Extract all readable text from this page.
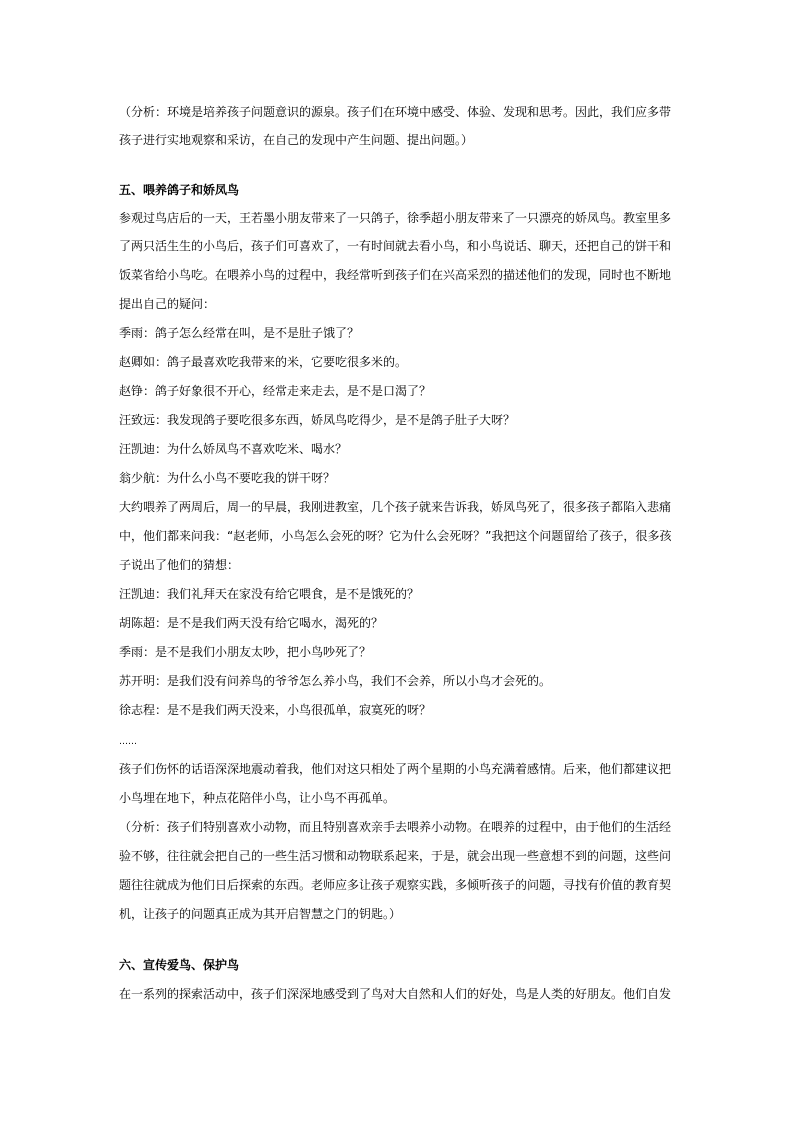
（分析：环境是培养孩子问题意识的源泉。孩子们在环境中感受、体验、发现和思考。因此，我们应多带
孩子进行实地观察和采访，在自己的发现中产生问题、提出问题。）
五、喂养鸽子和娇凤鸟
参观过鸟店后的一天，王若墨小朋友带来了一只鸽子，徐季超小朋友带来了一只漂亮的娇凤鸟。教室里多
了两只活生生的小鸟后，孩子们可喜欢了，一有时间就去看小鸟，和小鸟说话、聊天，还把自己的饼干和
饭菜省给小鸟吃。在喂养小鸟的过程中，我经常听到孩子们在兴高采烈的描述他们的发现，同时也不断地
提出自己的疑问：
季雨：鸽子怎么经常在叫，是不是肚子饿了？
赵卿如：鸽子最喜欢吃我带来的米，它要吃很多米的。
赵铮：鸽子好象很不开心，经常走来走去，是不是口渴了？
汪致远：我发现鸽子要吃很多东西，娇凤鸟吃得少，是不是鸽子肚子大呀？
汪凯迪：为什么娇凤鸟不喜欢吃米、喝水？
翁少航：为什么小鸟不要吃我的饼干呀？
大约喂养了两周后，周一的早晨，我刚进教室，几个孩子就来告诉我，娇凤鸟死了，很多孩子都陷入悲痛
中，他们都来问我：“赵老师，小鸟怎么会死的呀？它为什么会死呀？”我把这个问题留给了孩子，很多孩
子说出了他们的猜想：
汪凯迪：我们礼拜天在家没有给它喂食，是不是饿死的？
胡陈超：是不是我们两天没有给它喝水，渴死的？
季雨：是不是我们小朋友太吵，把小鸟吵死了？
苏开明：是我们没有问养鸟的爷爷怎么养小鸟，我们不会养，所以小鸟才会死的。
徐志程：是不是我们两天没来，小鸟很孤单，寂寞死的呀？
……
孩子们伤怀的话语深深地震动着我，他们对这只相处了两个星期的小鸟充满着感情。后来，他们都建议把
小鸟埋在地下，种点花陪伴小鸟，让小鸟不再孤单。
（分析：孩子们特别喜欢小动物，而且特别喜欢亲手去喂养小动物。在喂养的过程中，由于他们的生活经
验不够，往往就会把自己的一些生活习惯和动物联系起来，于是，就会出现一些意想不到的问题，这些问
题往往就成为他们日后探索的东西。老师应多让孩子观察实践，多倾听孩子的问题，寻找有价值的教育契
机，让孩子的问题真正成为其开启智慧之门的钥匙。）
六、宣传爱鸟、保护鸟
在一系列的探索活动中，孩子们深深地感受到了鸟对大自然和人们的好处，鸟是人类的好朋友。他们自发
